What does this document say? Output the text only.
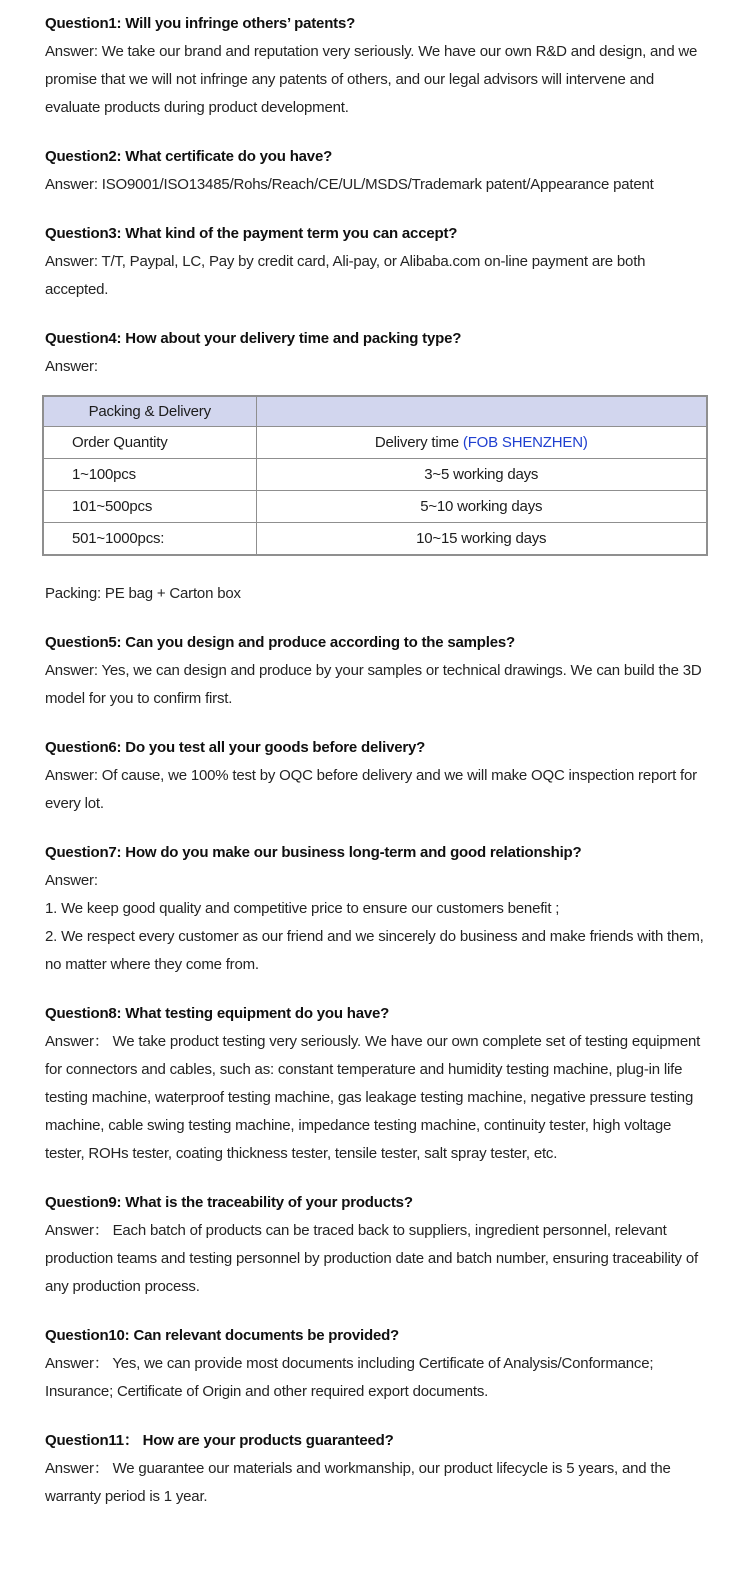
Question1: Will you infringe others’ patents?

Answer: We take our brand and reputation very seriously. We have our own R&D and design, and we promise that we will not infringe any patents of others, and our legal advisors will intervene and evaluate products during product development.

Question2: What certificate do you have?

Answer: ISO9001/ISO13485/Rohs/Reach/CE/UL/MSDS/Trademark patent/Appearance patent

Question3: What kind of the payment term you can accept?

Answer: T/T, Paypal, LC, Pay by credit card, Ali-pay, or Alibaba.com on-line payment are both accepted.

Question4: How about your delivery time and packing type?

Answer:

Packing & Delivery	
Order Quantity	Delivery time (FOB SHENZHEN)
1~100pcs	3~5 working days
101~500pcs	5~10 working days
501~1000pcs:	10~15 working days

Packing: PE bag + Carton box

Question5: Can you design and produce according to the samples?

Answer: Yes, we can design and produce by your samples or technical drawings. We can build the 3D model for you to confirm first.

Question6: Do you test all your goods before delivery?

Answer: Of cause, we 100% test by OQC before delivery and we will make OQC inspection report for every lot.

Question7: How do you make our business long-term and good relationship?

Answer:

1. We keep good quality and competitive price to ensure our customers benefit ;

2. We respect every customer as our friend and we sincerely do business and make friends with them, no matter where they come from.

Question8: What testing equipment do you have?

Answer： We take product testing very seriously. We have our own complete set of testing equipment for connectors and cables, such as: constant temperature and humidity testing machine, plug-in life testing machine, waterproof testing machine, gas leakage testing machine, negative pressure testing machine, cable swing testing machine, impedance testing machine, continuity tester, high voltage tester, ROHs tester, coating thickness tester, tensile tester, salt spray tester, etc.

Question9: What is the traceability of your products?

Answer： Each batch of products can be traced back to suppliers, ingredient personnel, relevant production teams and testing personnel by production date and batch number, ensuring traceability of any production process.

Question10: Can relevant documents be provided?

Answer： Yes, we can provide most documents including Certificate of Analysis/Conformance; Insurance; Certificate of Origin and other required export documents.

Question11： How are your products guaranteed?

Answer： We guarantee our materials and workmanship, our product lifecycle is 5 years, and the warranty period is 1 year.
